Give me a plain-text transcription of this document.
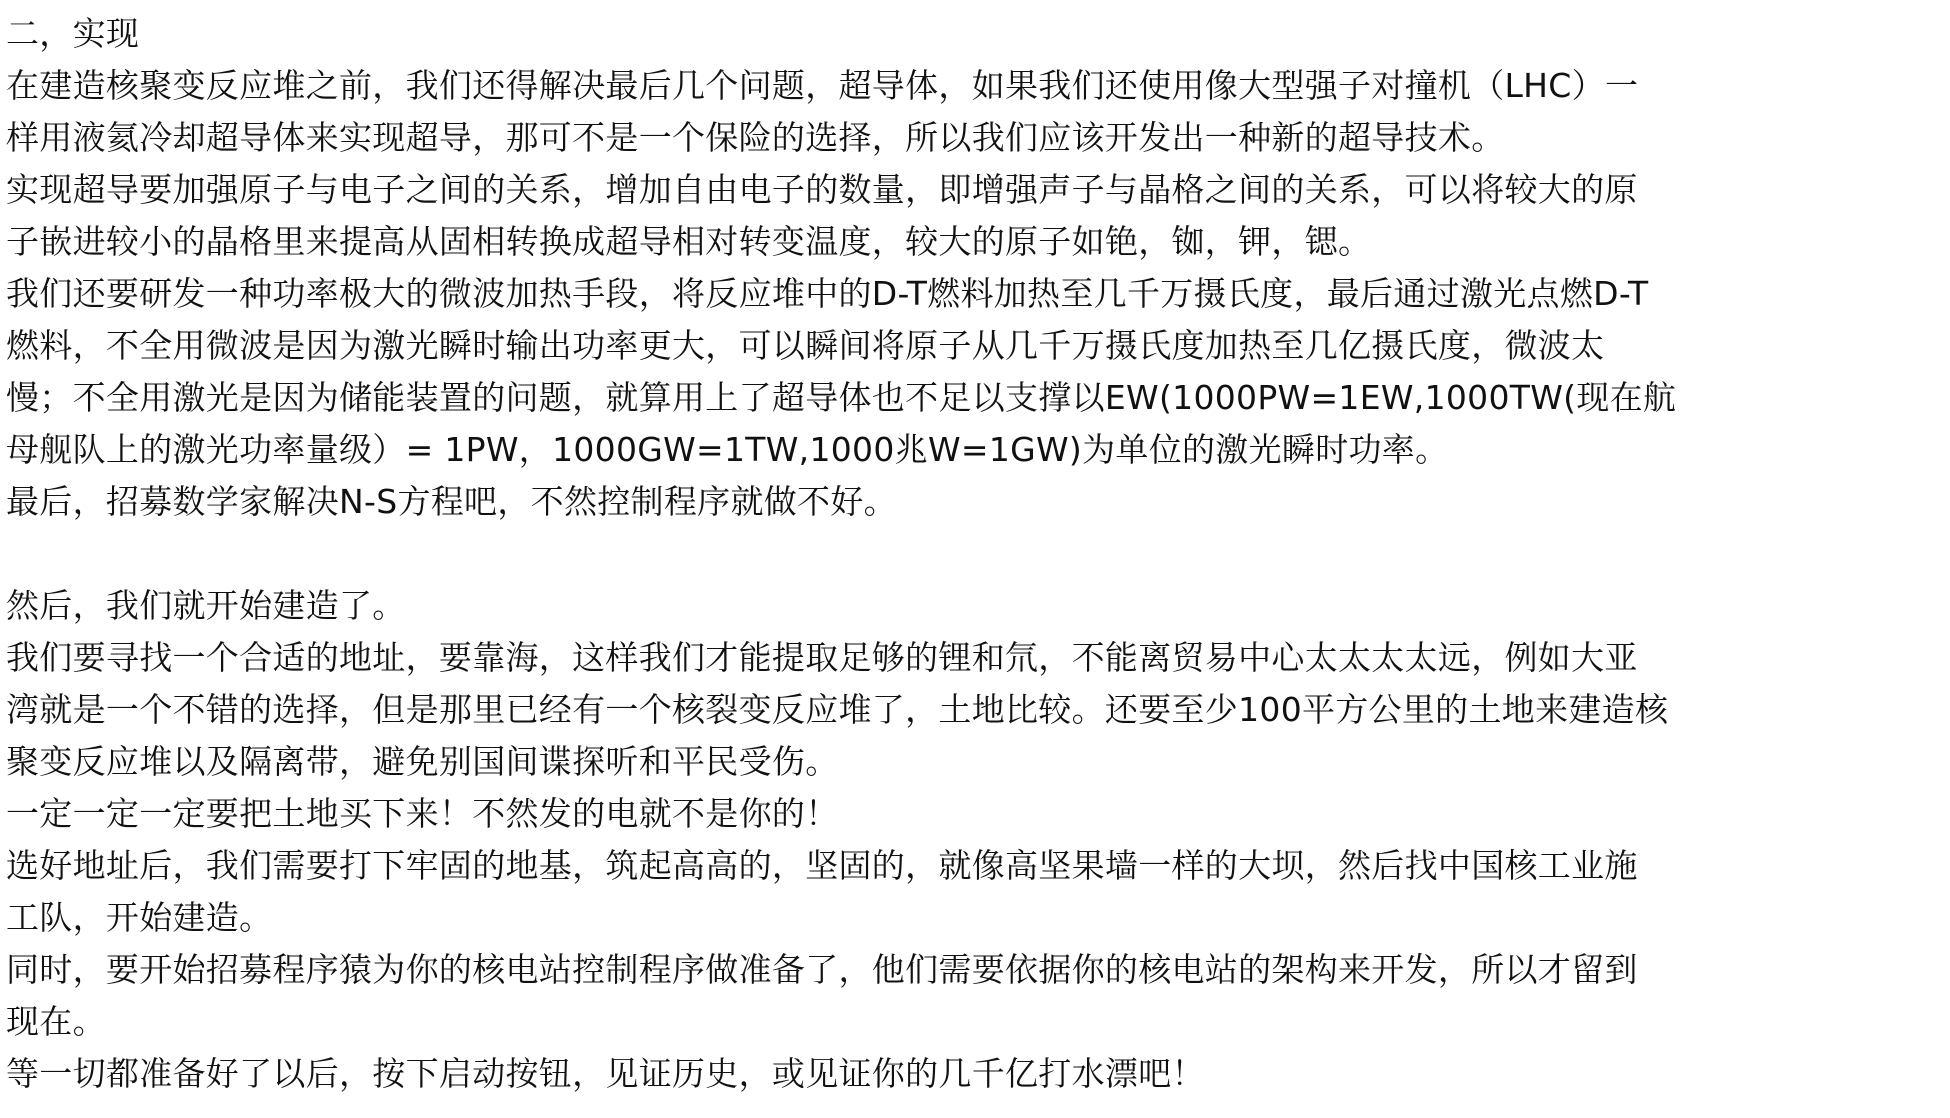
二，实现

在建造核聚变反应堆之前，我们还得解决最后几个问题，超导体，如果我们还使用像大型强子对撞机（LHC）一

样用液氦冷却超导体来实现超导，那可不是一个保险的选择，所以我们应该开发出一种新的超导技术。

实现超导要加强原子与电子之间的关系，增加自由电子的数量，即增强声子与晶格之间的关系，可以将较大的原

子嵌进较小的晶格里来提高从固相转换成超导相对转变温度，较大的原子如铯，铷，钾，锶。

我们还要研发一种功率极大的微波加热手段，将反应堆中的D-T燃料加热至几千万摄氏度，最后通过激光点燃D-T

燃料，不全用微波是因为激光瞬时输出功率更大，可以瞬间将原子从几千万摄氏度加热至几亿摄氏度，微波太

慢；不全用激光是因为储能装置的问题，就算用上了超导体也不足以支撑以EW(1000PW=1EW,1000TW(现在航

母舰队上的激光功率量级）= 1PW，1000GW=1TW,1000兆W=1GW)为单位的激光瞬时功率。

最后，招募数学家解决N-S方程吧，不然控制程序就做不好。

然后，我们就开始建造了。

我们要寻找一个合适的地址，要靠海，这样我们才能提取足够的锂和氘，不能离贸易中心太太太太远，例如大亚

湾就是一个不错的选择，但是那里已经有一个核裂变反应堆了，土地比较。还要至少100平方公里的土地来建造核

聚变反应堆以及隔离带，避免别国间谍探听和平民受伤。

一定一定一定要把土地买下来！不然发的电就不是你的！

选好地址后，我们需要打下牢固的地基，筑起高高的，坚固的，就像高坚果墙一样的大坝，然后找中国核工业施

工队，开始建造。

同时，要开始招募程序猿为你的核电站控制程序做准备了，他们需要依据你的核电站的架构来开发，所以才留到

现在。

等一切都准备好了以后，按下启动按钮，见证历史，或见证你的几千亿打水漂吧！
